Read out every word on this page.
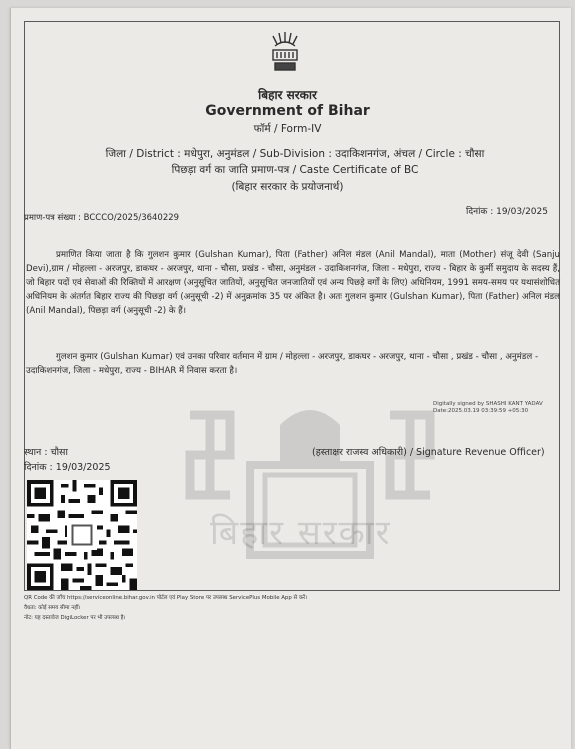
बिहार सरकार
बिहार सरकार
Government of Bihar
फॉर्म / Form-IV
जिला / District : मधेपुरा, अनुमंडल / Sub-Division : उदाकिशनगंज, अंचल / Circle : चौसा
पिछड़ा वर्ग का जाति प्रमाण-पत्र / Caste Certificate of BC
(बिहार सरकार के प्रयोजनार्थ)
प्रमाण-पत्र संख्या : BCCCO/2025/3640229
दिनांक : 19/03/2025
प्रमाणित किया जाता है कि गुलशन कुमार (Gulshan Kumar), पिता (Father) अनिल मंडल (Anil Mandal), माता (Mother) संजू देवी (Sanju Devi),ग्राम / मोहल्ला - अरजपुर, डाकघर - अरजपुर, थाना - चौसा, प्रखंड - चौसा, अनुमंडल - उदाकिशनगंज, जिला - मधेपुरा, राज्य - बिहार के कुर्मी समुदाय के सदस्य हैं, जो बिहार पदों एवं सेवाओं की रिक्तियों में आरक्षण (अनुसूचित जातियों, अनुसूचित जनजातियों एवं अन्य पिछड़े वर्गों के लिए) अधिनियम, 1991 समय-समय पर यथासंशोधित अधिनियम के अंतर्गत बिहार राज्य की पिछड़ा वर्ग (अनुसूची -2) में अनुक्रमांक 35 पर अंकित है। अतः गुलशन कुमार (Gulshan Kumar), पिता (Father) अनिल मंडल (Anil Mandal), पिछड़ा वर्ग (अनुसूची -2) के हैं।
गुलशन कुमार (Gulshan Kumar) एवं उनका परिवार वर्तमान में ग्राम / मोहल्ला - अरजपुर, डाकघर - अरजपुर, थाना - चौसा , प्रखंड - चौसा , अनुमंडल - उदाकिशनगंज, जिला - मधेपुरा, राज्य - BIHAR में निवास करता है।
Digitally signed by SHASHI KANT YADAV
Date:2025.03.19 03:39:59 +05:30
स्थान : चौसा
दिनांक : 19/03/2025
(हस्ताक्षर राजस्व अधिकारी) / Signature Revenue Officer)
QR Code की जाँच https://serviceonline.bihar.gov.in पोर्टल एवं Play Store पर उपलब्ध ServicePlus Mobile App से करें।
वैधता: कोई समय सीमा नहीं।
नोट: यह दस्तावेज DigiLocker पर भी उपलब्ध है।
